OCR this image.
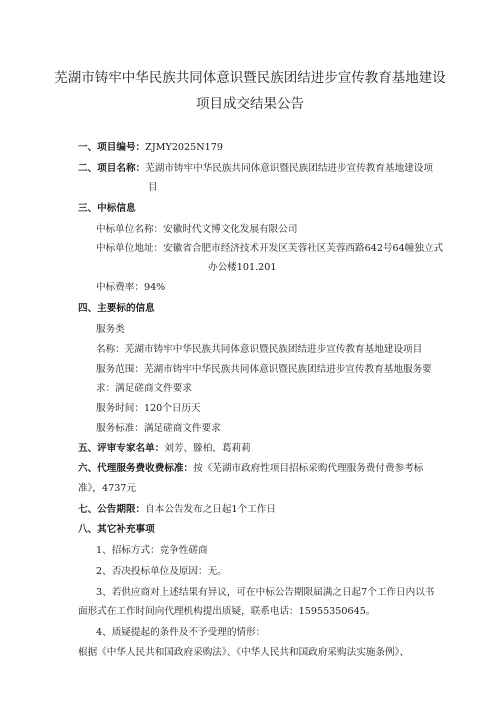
芜湖市铸牢中华民族共同体意识暨民族团结进步宣传教育基地建设
项目成交结果公告
一、项目编号：ZJMY2025N179
二、项目名称：芜湖市铸牢中华民族共同体意识暨民族团结进步宣传教育基地建设项
目
三、中标信息
中标单位名称：安徽时代文博文化发展有限公司
中标单位地址：安徽省合肥市经济技术开发区芙蓉社区芙蓉西路642号64幢独立式
办公楼101.201
中标费率：94%
四、主要标的信息
服务类
名称：芜湖市铸牢中华民族共同体意识暨民族团结进步宣传教育基地建设项目
服务范围：芜湖市铸牢中华民族共同体意识暨民族团结进步宣传教育基地服务要
求：满足磋商文件要求
服务时间：120个日历天
服务标准：满足磋商文件要求
五、评审专家名单：刘芳、滕柏、葛莉莉
六、代理服务费收费标准：按《芜湖市政府性项目招标采购代理服务费付费参考标
准》，4737元
七、公告期限：自本公告发布之日起1个工作日
八、其它补充事项
1、招标方式：竞争性磋商
2、否决投标单位及原因：无。
3、若供应商对上述结果有异议，可在中标公告期限届满之日起7个工作日内以书
面形式在工作时间向代理机构提出质疑，联系电话：15955350645。
4、质疑提起的条件及不予受理的情形：
根据《中华人民共和国政府采购法》、《中华人民共和国政府采购法实施条例》、
